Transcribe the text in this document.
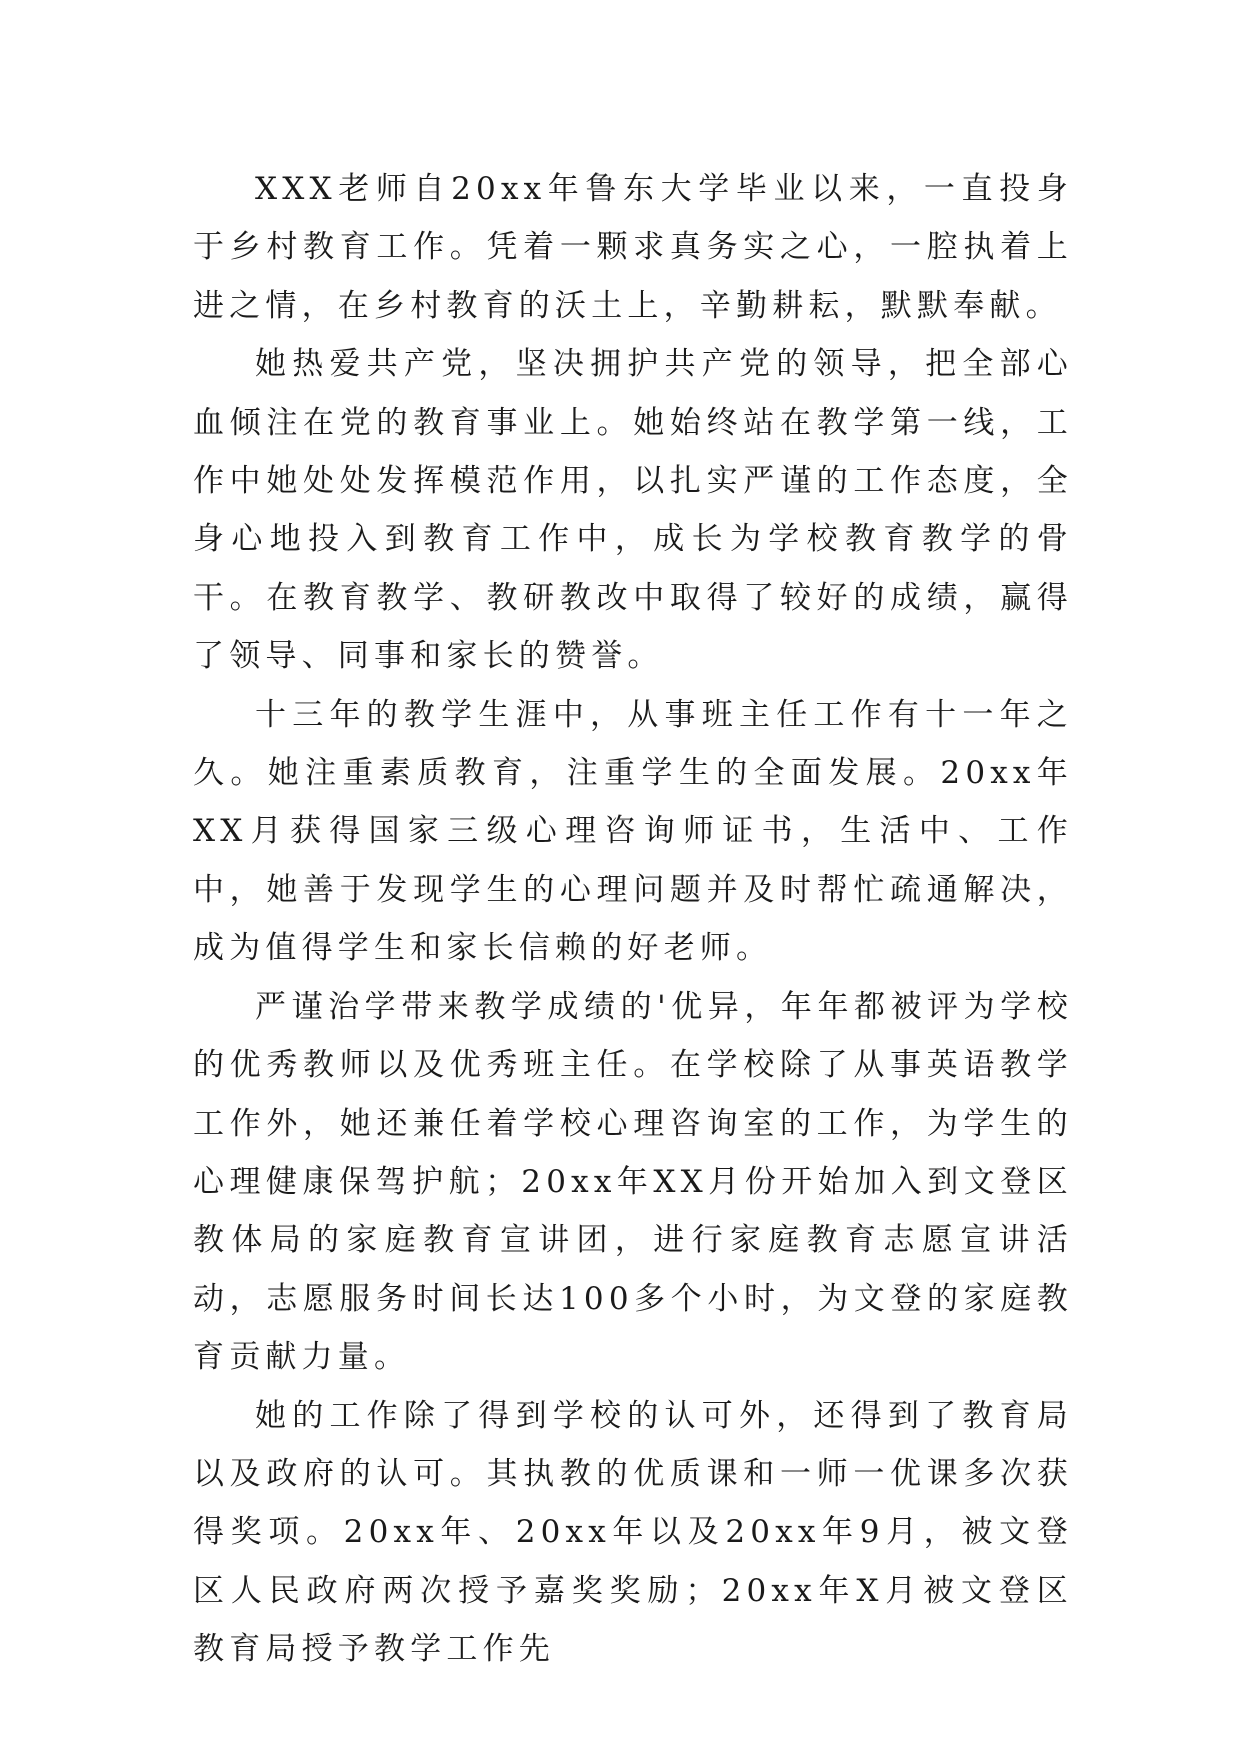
XXX老师自20xx年鲁东大学毕业以来，一直投身于乡村教育工作。凭着一颗求真务实之心，一腔执着上进之情，在乡村教育的沃土上，辛勤耕耘，默默奉献。

她热爱共产党，坚决拥护共产党的领导，把全部心血倾注在党的教育事业上。她始终站在教学第一线，工作中她处处发挥模范作用，以扎实严谨的工作态度，全身心地投入到教育工作中，成长为学校教育教学的骨干。在教育教学、教研教改中取得了较好的成绩，赢得了领导、同事和家长的赞誉。

十三年的教学生涯中，从事班主任工作有十一年之久。她注重素质教育，注重学生的全面发展。20xx年XX月获得国家三级心理咨询师证书，生活中、工作中，她善于发现学生的心理问题并及时帮忙疏通解决，成为值得学生和家长信赖的好老师。

严谨治学带来教学成绩的'优异，年年都被评为学校的优秀教师以及优秀班主任。在学校除了从事英语教学工作外，她还兼任着学校心理咨询室的工作，为学生的心理健康保驾护航；20xx年XX月份开始加入到文登区教体局的家庭教育宣讲团，进行家庭教育志愿宣讲活动，志愿服务时间长达100多个小时，为文登的家庭教育贡献力量。

她的工作除了得到学校的认可外，还得到了教育局以及政府的认可。其执教的优质课和一师一优课多次获得奖项。20xx年、20xx年以及20xx年9月，被文登区人民政府两次授予嘉奖奖励；20xx年X月被文登区教育局授予教学工作先
